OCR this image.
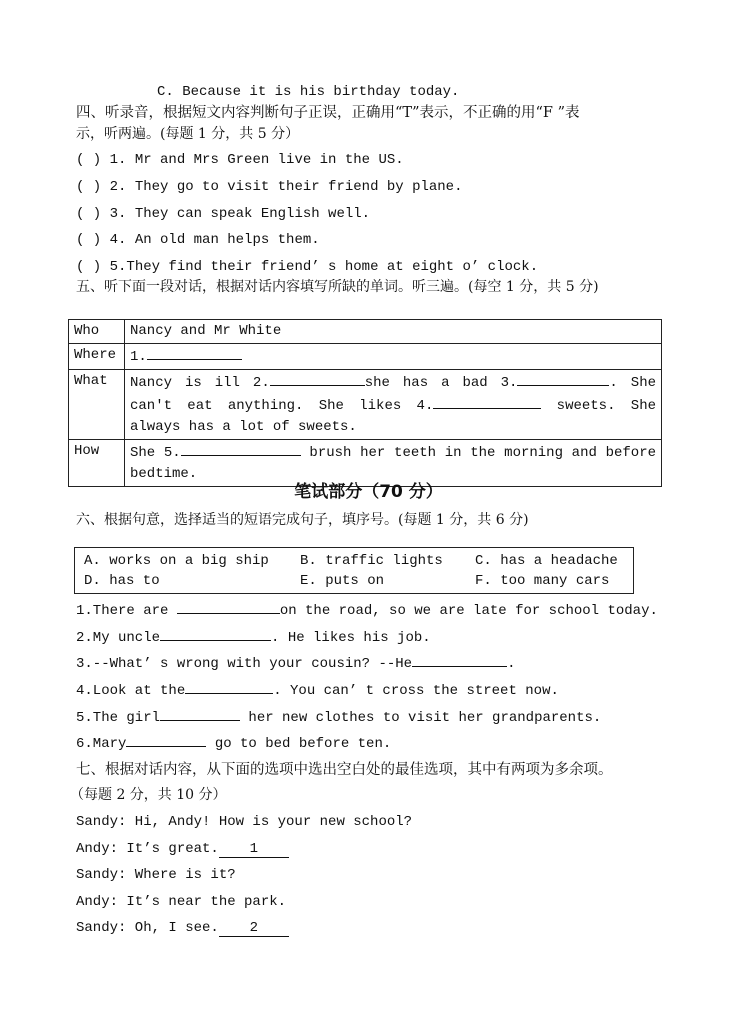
C. Because it is his birthday today.
四、听录音，根据短文内容判断句子正误，正确用“T”表示，不正确的用“F ”表
示，听两遍。(每题 1 分，共 5 分）
( ) 1. Mr and Mrs Green live in the US.
( ) 2. They go to visit their friend by plane.
( ) 3. They can speak English well.
( ) 4. An old man helps them.
( ) 5.They find their friend’ s home at eight o’ clock.
五、听下面一段对话，根据对话内容填写所缺的单词。听三遍。(每空 1 分，共 5 分)
Who	Nancy and Mr White
Where	1.
What	Nancy is ill 2. she has a bad 3. . She can't eat anything. She likes 4. sweets. She always has a lot of sweets.
How	She 5. brush her teeth in the morning and before bedtime.
笔试部分（70 分）
六、根据句意，选择适当的短语完成句子，填序号。(每题 1 分，共 6 分)
A. works on a big ship B. traffic lights C. has a headache
D. has to	E. puts on	F. too many cars
1.There are	on the road, so we are late for school today.
2.My uncle	. He likes his job.
3.--What’ s wrong with your cousin? --He	.
4.Look at the	. You can’ t cross the street now.
5.The girl	her new clothes to visit her grandparents.
6.Mary	go to bed before ten.
七、根据对话内容，从下面的选项中选出空白处的最佳选项，其中有两项为多余项。
（每题 2 分，共 10 分）
Sandy: Hi, Andy! How is your new school?
Andy: It’s great. 1
Sandy: Where is it?
Andy: It’s near the park.
Sandy: Oh, I see. 2
